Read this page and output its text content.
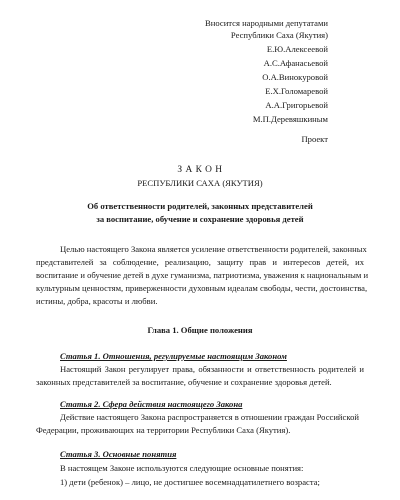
Вносится народными депутатами
Республики Саха (Якутия)
Е.Ю.Алексеевой
А.С.Афанасьевой
О.А.Винокуровой
Е.Х.Голомаревой
А.А.Григорьевой
М.П.Деревяшкиным
Проект
З А К О Н
РЕСПУБЛИКИ САХА (ЯКУТИЯ)
Об ответственности родителей, законных представителей
за воспитание, обучение и сохранение здоровья детей
Целью настоящего Закона является усиление ответственности родителей, законных
представителей за соблюдение, реализацию, защиту прав и интересов детей, их
воспитание и обучение детей в духе гуманизма, патриотизма, уважения к национальным и
культурным ценностям, приверженности духовным идеалам свободы, чести, достоинства,
истины, добра, красоты и любви.
Глава 1. Общие положения
Статья 1. Отношения, регулируемые настоящим Законом
Настоящий Закон регулирует права, обязанности и ответственность родителей и
законных представителей за воспитание, обучение и сохранение здоровья детей.
Статья 2. Сфера действия настоящего Закона
Действие настоящего Закона распространяется в отношении граждан Российской
Федерации, проживающих на территории Республики Саха (Якутия).
Статья 3. Основные понятия
В настоящем Законе используются следующие основные понятия:
1) дети (ребенок) – лицо, не достигшее восемнадцатилетнего возраста;
